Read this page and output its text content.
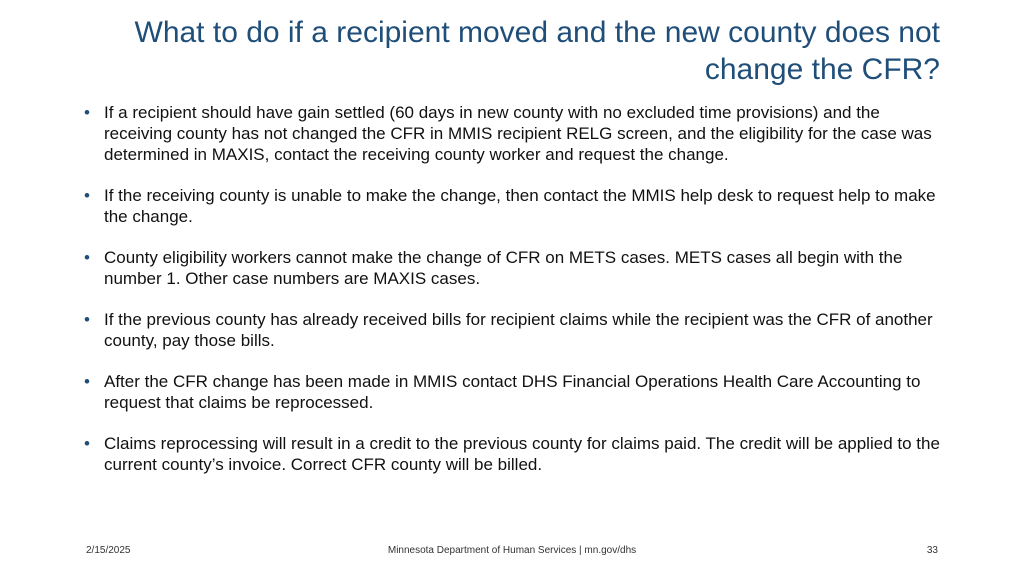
What to do if a recipient moved and the new county does not change the CFR?
• If a recipient should have gain settled (60 days in new county with no excluded time provisions) and the receiving county has not changed the CFR in MMIS recipient RELG screen, and the eligibility for the case was determined in MAXIS, contact the receiving county worker and request the change.
• If the receiving county is unable to make the change, then contact the MMIS help desk to request help to make the change.
• County eligibility workers cannot make the change of CFR on METS cases. METS cases all begin with the number 1. Other case numbers are MAXIS cases.
• If the previous county has already received bills for recipient claims while the recipient was the CFR of another county, pay those bills.
• After the CFR change has been made in MMIS contact DHS Financial Operations Health Care Accounting to request that claims be reprocessed.
• Claims reprocessing will result in a credit to the previous county for claims paid. The credit will be applied to the current county’s invoice. Correct CFR county will be billed.
2/15/2025	Minnesota Department of Human Services | mn.gov/dhs	33
